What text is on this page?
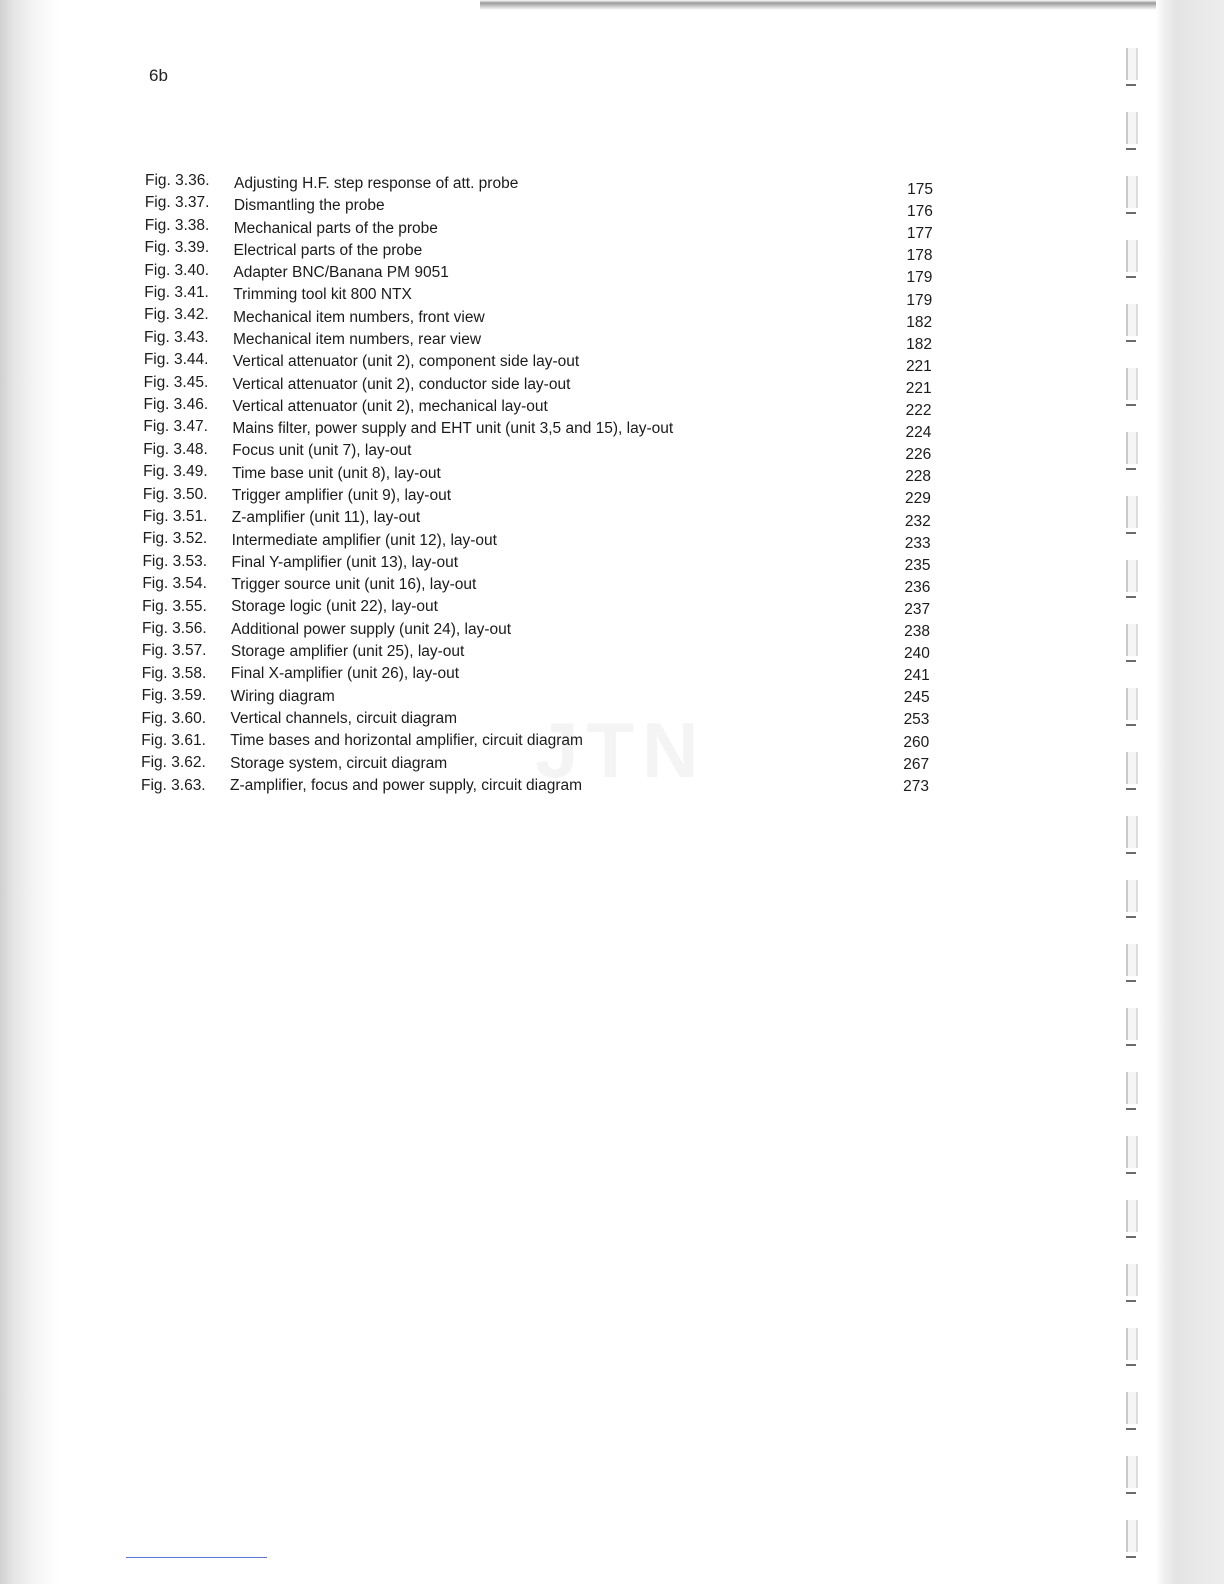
6b
Fig. 3.36. Adjusting H.F. step response of att. probe	175
Fig. 3.37. Dismantling the probe	176
Fig. 3.38. Mechanical parts of the probe	177
Fig. 3.39. Electrical parts of the probe	178
Fig. 3.40. Adapter BNC/Banana PM 9051	179
Fig. 3.41. Trimming tool kit 800 NTX	179
Fig. 3.42. Mechanical item numbers, front view	182
Fig. 3.43. Mechanical item numbers, rear view	182
Fig. 3.44. Vertical attenuator (unit 2), component side lay-out	221
Fig. 3.45. Vertical attenuator (unit 2), conductor side lay-out	221
Fig. 3.46. Vertical attenuator (unit 2), mechanical lay-out	222
Fig. 3.47. Mains filter, power supply and EHT unit (unit 3,5 and 15), lay-out	224
Fig. 3.48. Focus unit (unit 7), lay-out	226
Fig. 3.49. Time base unit (unit 8), lay-out	228
Fig. 3.50. Trigger amplifier (unit 9), lay-out	229
Fig. 3.51. Z-amplifier (unit 11), lay-out	232
Fig. 3.52. Intermediate amplifier (unit 12), lay-out	233
Fig. 3.53. Final Y-amplifier (unit 13), lay-out	235
Fig. 3.54. Trigger source unit (unit 16), lay-out	236
Fig. 3.55. Storage logic (unit 22), lay-out	237
Fig. 3.56. Additional power supply (unit 24), lay-out	238
Fig. 3.57. Storage amplifier (unit 25), lay-out	240
Fig. 3.58. Final X-amplifier (unit 26), lay-out	241
Fig. 3.59. Wiring diagram	245
Fig. 3.60. Vertical channels, circuit diagram	253
Fig. 3.61. Time bases and horizontal amplifier, circuit diagram	260
Fig. 3.62. Storage system, circuit diagram	267
Fig. 3.63. Z-amplifier, focus and power supply, circuit diagram	273
